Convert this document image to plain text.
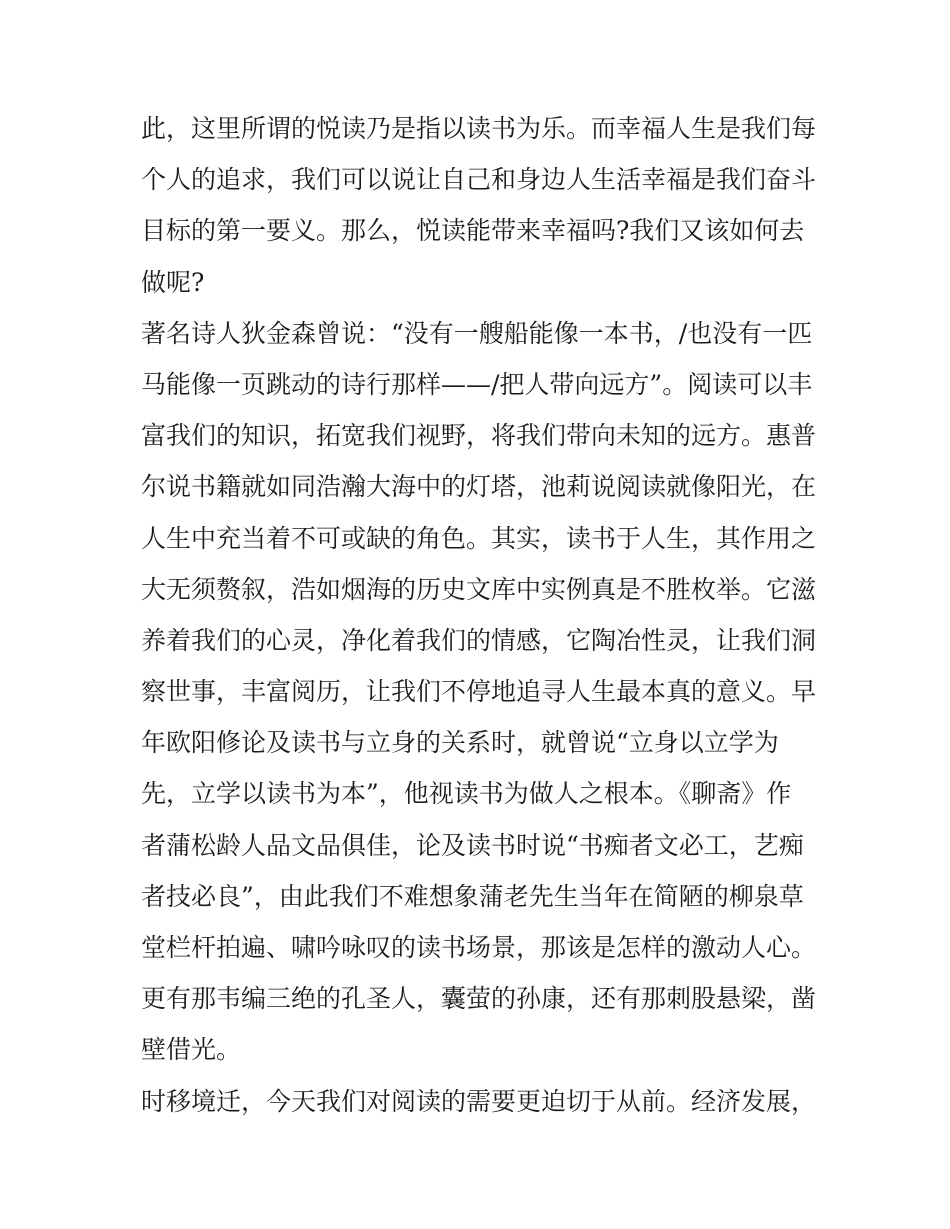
此，这里所谓的悦读乃是指以读书为乐。而幸福人生是我们每
个人的追求，我们可以说让自己和身边人生活幸福是我们奋斗
目标的第一要义。那么，悦读能带来幸福吗?我们又该如何去
做呢?
著名诗人狄金森曾说：“没有一艘船能像一本书，/也没有一匹
马能像一页跳动的诗行那样——/把人带向远方”。阅读可以丰
富我们的知识，拓宽我们视野，将我们带向未知的远方。惠普
尔说书籍就如同浩瀚大海中的灯塔，池莉说阅读就像阳光，在
人生中充当着不可或缺的角色。其实，读书于人生，其作用之
大无须赘叙，浩如烟海的历史文库中实例真是不胜枚举。它滋
养着我们的心灵，净化着我们的情感，它陶冶性灵，让我们洞
察世事，丰富阅历，让我们不停地追寻人生最本真的意义。早
年欧阳修论及读书与立身的关系时，就曾说“立身以立学为
先，立学以读书为本”，他视读书为做人之根本。《聊斋》作
者蒲松龄人品文品俱佳，论及读书时说“书痴者文必工，艺痴
者技必良”，由此我们不难想象蒲老先生当年在简陋的柳泉草
堂栏杆拍遍、啸吟咏叹的读书场景，那该是怎样的激动人心。
更有那韦编三绝的孔圣人，囊萤的孙康，还有那刺股悬梁，凿
壁借光。
时移境迁，今天我们对阅读的需要更迫切于从前。经济发展，
